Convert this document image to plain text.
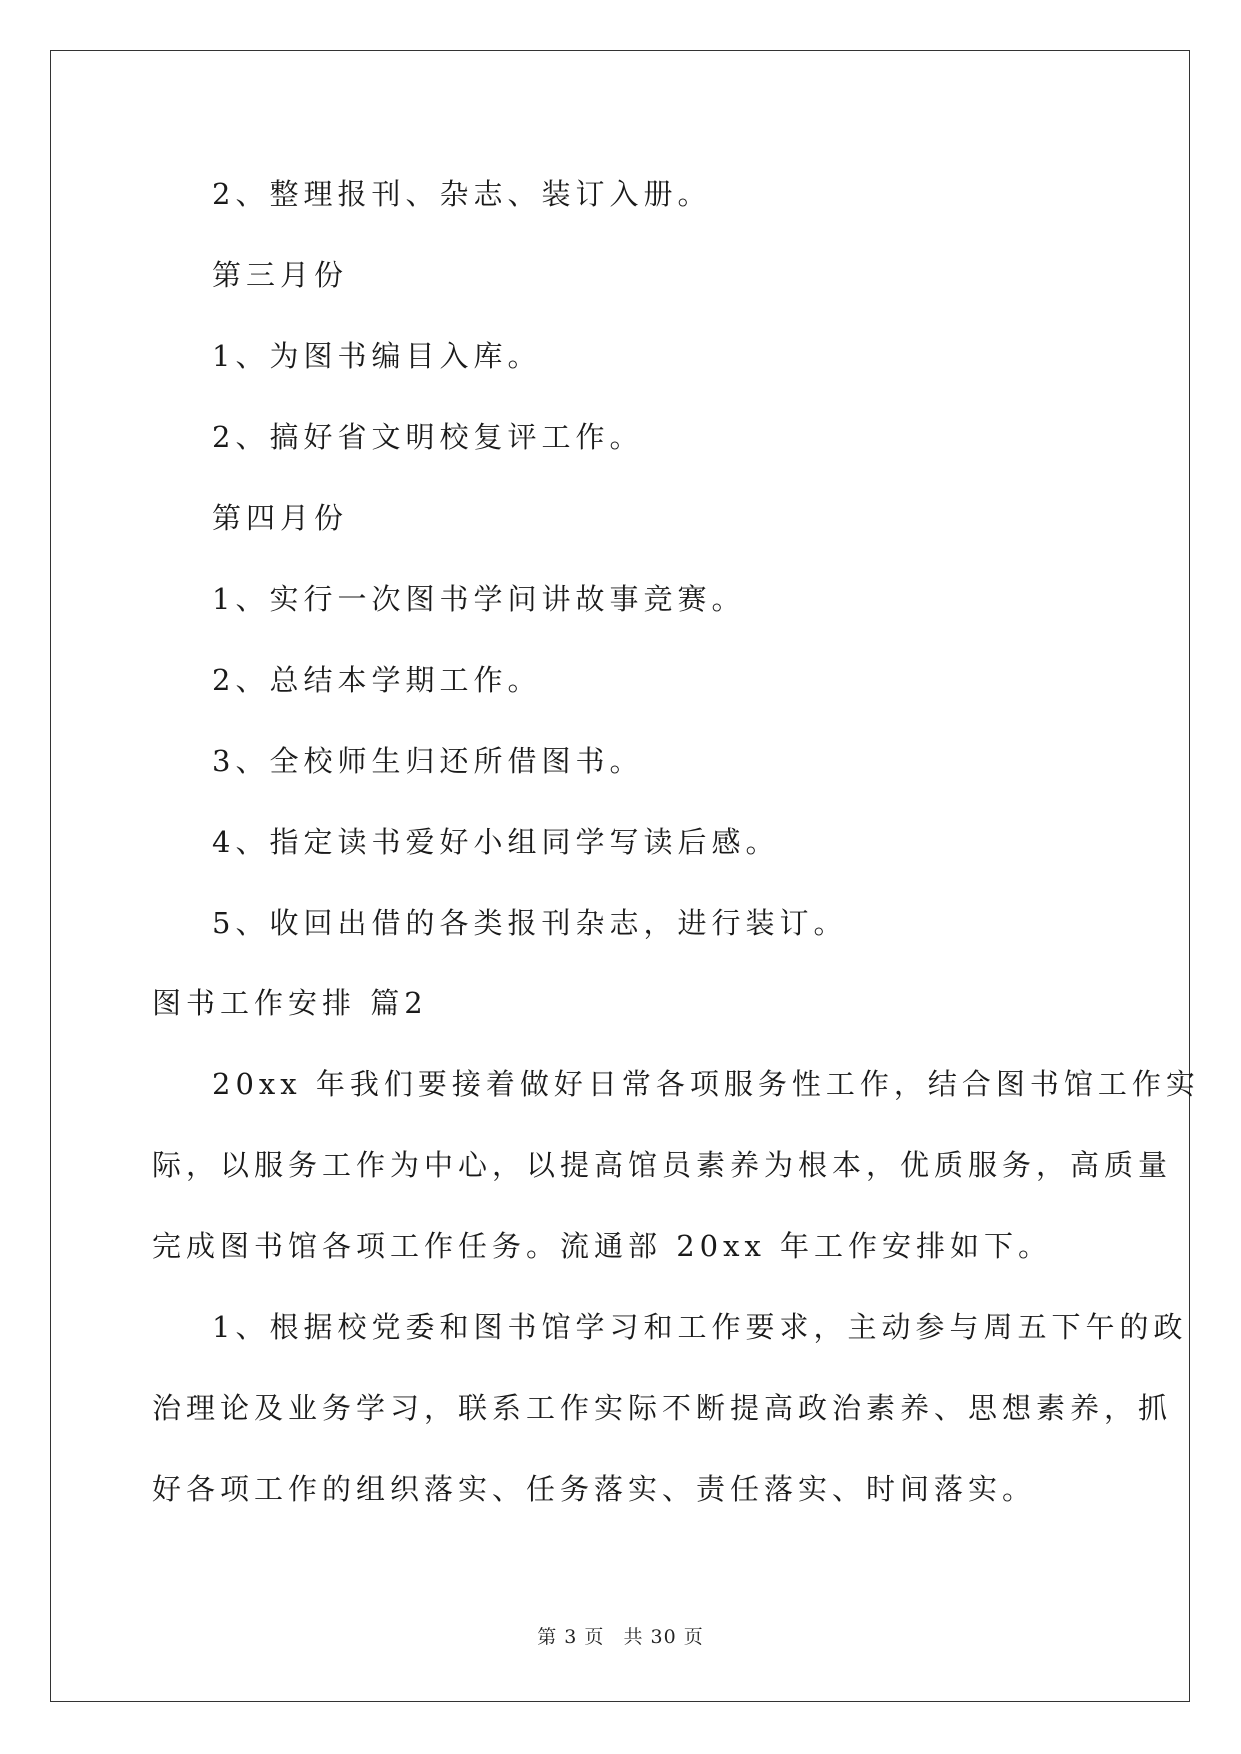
2、整理报刊、杂志、装订入册。
第三月份
1、为图书编目入库。
2、搞好省文明校复评工作。
第四月份
1、实行一次图书学问讲故事竞赛。
2、总结本学期工作。
3、全校师生归还所借图书。
4、指定读书爱好小组同学写读后感。
5、收回出借的各类报刊杂志，进行装订。
图书工作安排 篇2
20xx 年我们要接着做好日常各项服务性工作，结合图书馆工作实
际，以服务工作为中心，以提高馆员素养为根本，优质服务，高质量
完成图书馆各项工作任务。流通部 20xx 年工作安排如下。
1、根据校党委和图书馆学习和工作要求，主动参与周五下午的政
治理论及业务学习，联系工作实际不断提高政治素养、思想素养，抓
好各项工作的组织落实、任务落实、责任落实、时间落实。
第 3 页 共 30 页
